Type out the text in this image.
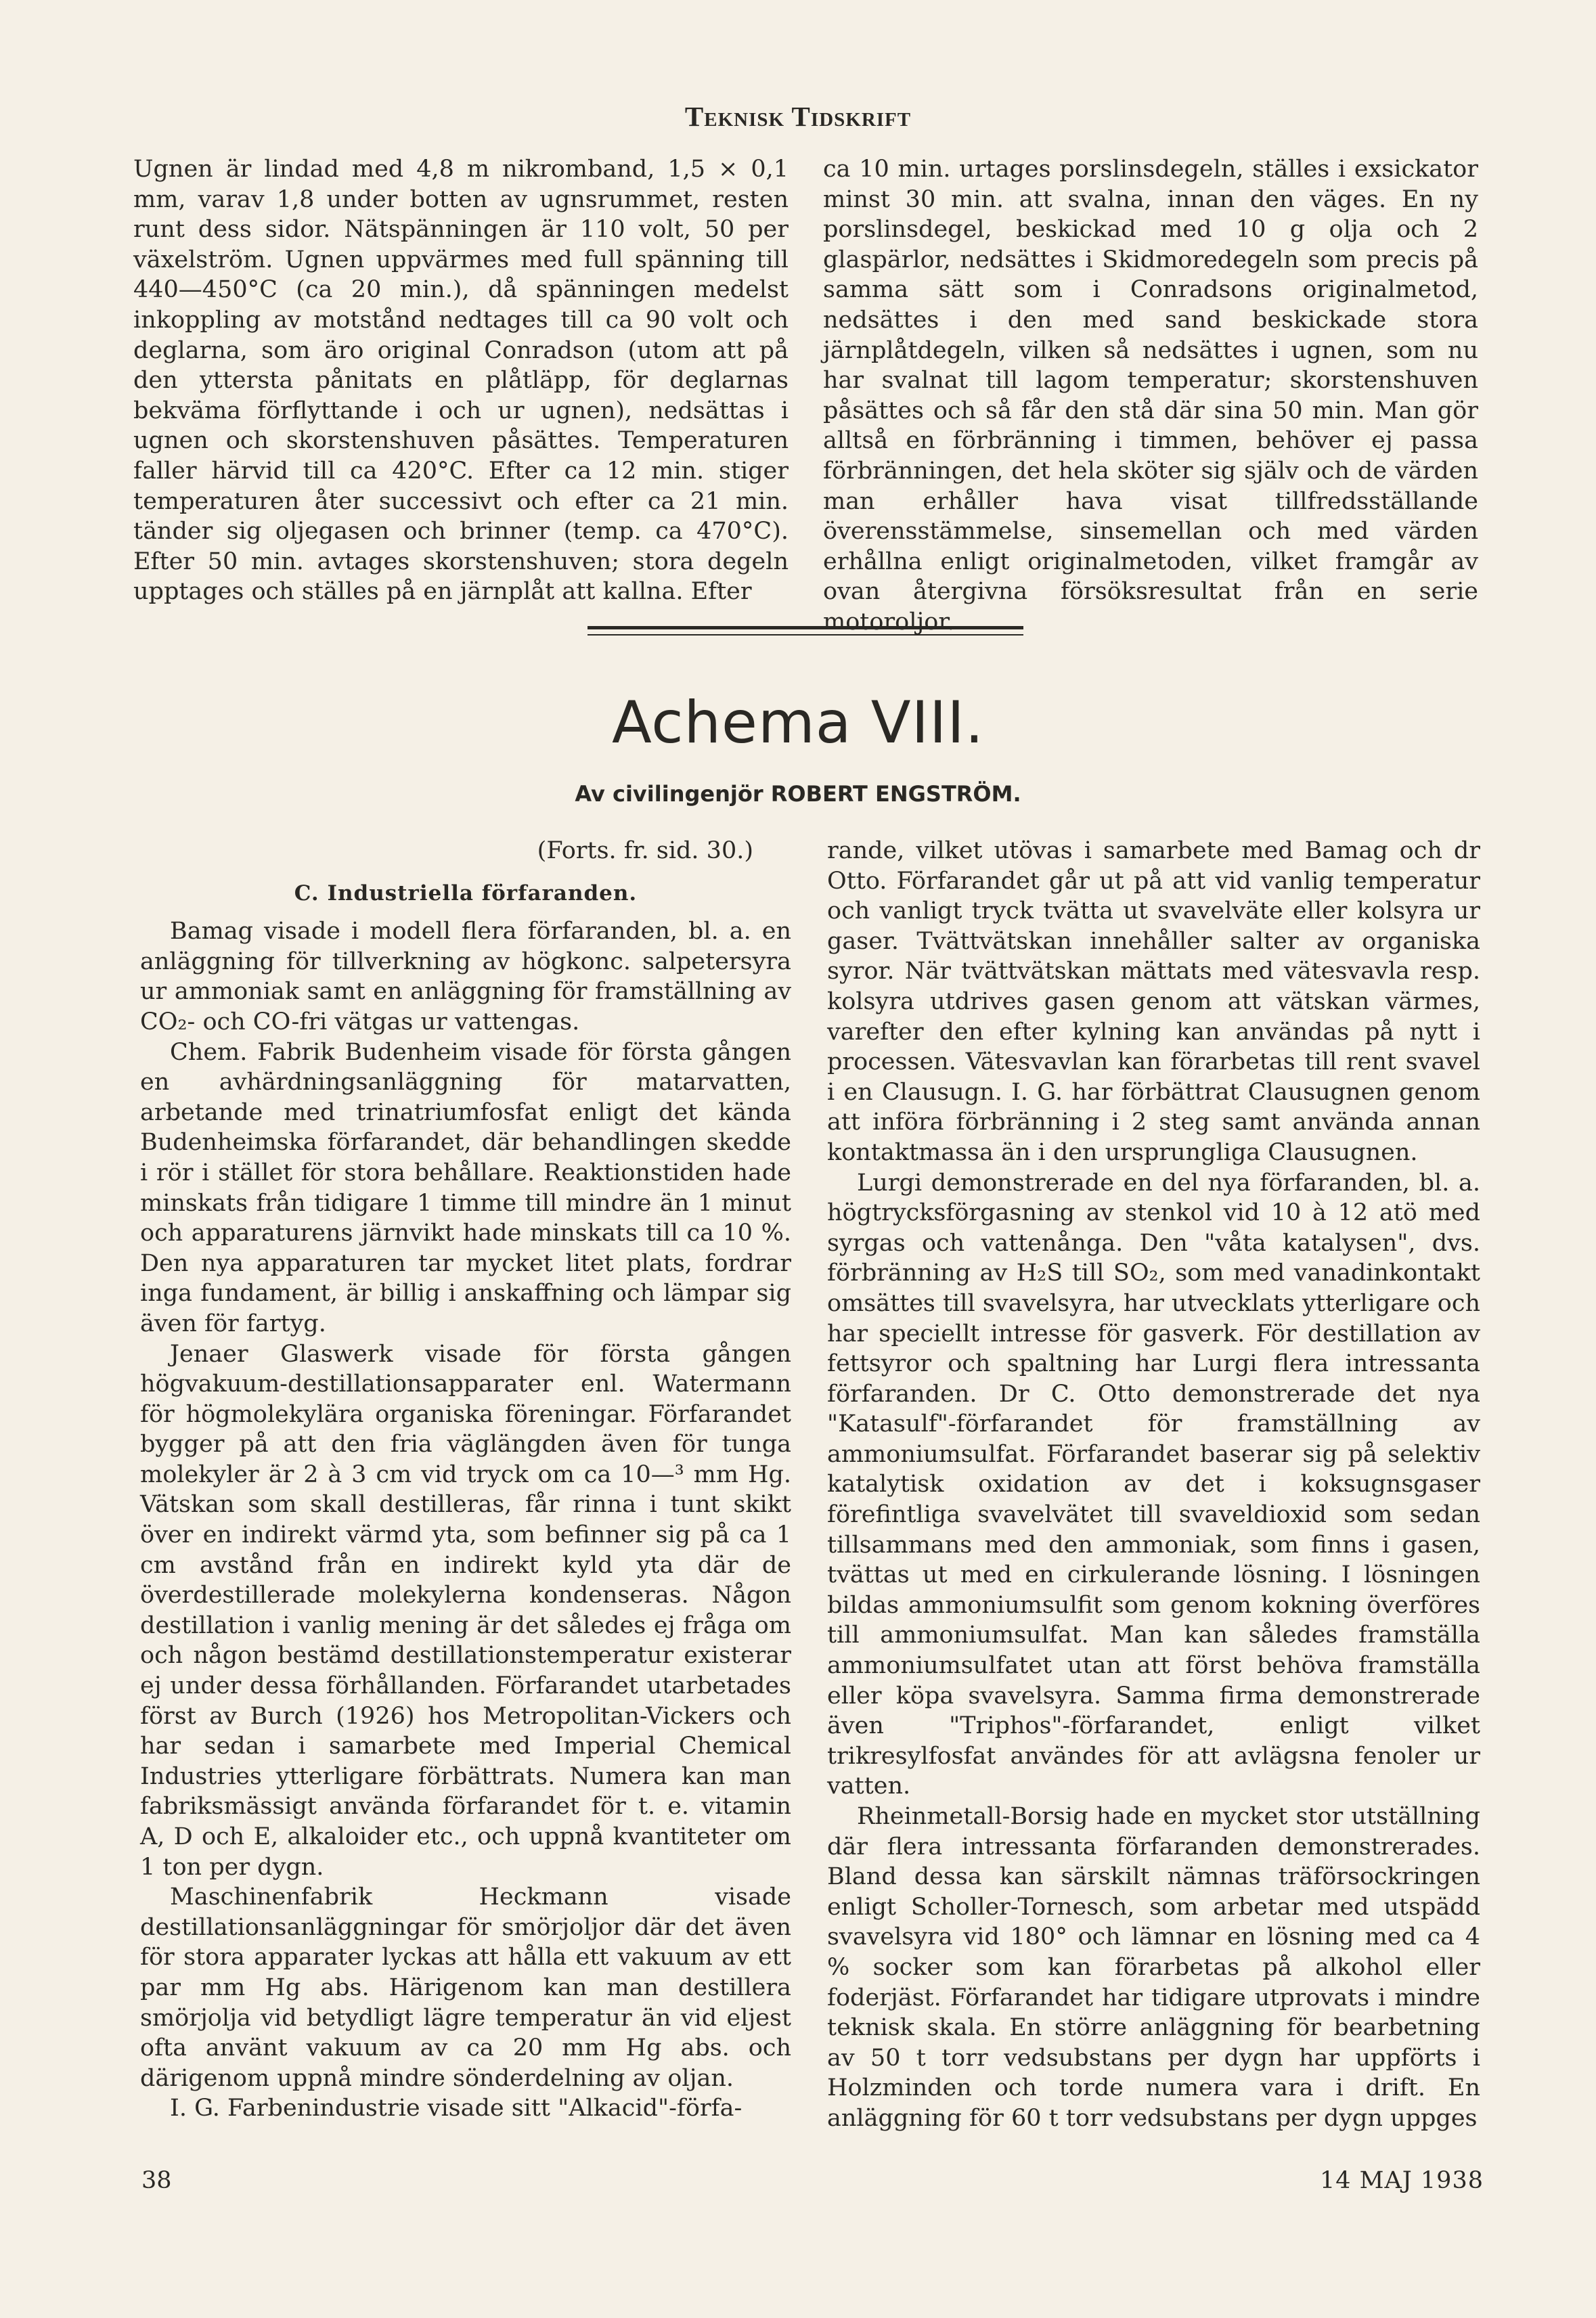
Teknisk Tidskrift

Ugnen är lindad med 4,8 m nikromband, 1,5 × 0,1 mm, varav 1,8 under botten av ugnsrummet, resten runt dess sidor. Nätspänningen är 110 volt, 50 per växelström. Ugnen uppvärmes med full spänning till 440—450°C (ca 20 min.), då spänningen medelst inkoppling av motstånd nedtages till ca 90 volt och deglarna, som äro original Conradson (utom att på den yttersta pånitats en plåtläpp, för deglarnas bekväma förflyttande i och ur ugnen), nedsättas i ugnen och skorstenshuven påsättes. Temperaturen faller härvid till ca 420°C. Efter ca 12 min. stiger temperaturen åter successivt och efter ca 21 min. tänder sig oljegasen och brinner (temp. ca 470°C). Efter 50 min. avtages skorstenshuven; stora degeln upptages och ställes på en järnplåt att kallna. Efter

ca 10 min. urtages porslinsdegeln, ställes i exsickator minst 30 min. att svalna, innan den väges. En ny porslinsdegel, beskickad med 10 g olja och 2 glaspärlor, nedsättes i Skidmoredegeln som precis på samma sätt som i Conradsons originalmetod, nedsättes i den med sand beskickade stora järnplåtdegeln, vilken så nedsättes i ugnen, som nu har svalnat till lagom temperatur; skorstenshuven påsättes och så får den stå där sina 50 min. Man gör alltså en förbränning i timmen, behöver ej passa förbränningen, det hela sköter sig själv och de värden man erhåller hava visat tillfredsställande överensstämmelse, sinsemellan och med värden erhållna enligt originalmetoden, vilket framgår av ovan återgivna försöksresultat från en serie motoroljor.

Achema VIII.
Av civilingenjör ROBERT ENGSTRÖM.
(Forts. fr. sid. 30.)
C. Industriella förfaranden.

Bamag visade i modell flera förfaranden, bl. a. en anläggning för tillverkning av högkonc. salpetersyra ur ammoniak samt en anläggning för framställning av CO₂- och CO-fri vätgas ur vattengas.

Chem. Fabrik Budenheim visade för första gången en avhärdningsanläggning för matarvatten, arbetande med trinatriumfosfat enligt det kända Budenheimska förfarandet, där behandlingen skedde i rör i stället för stora behållare. Reaktionstiden hade minskats från tidigare 1 timme till mindre än 1 minut och apparaturens järnvikt hade minskats till ca 10 %. Den nya apparaturen tar mycket litet plats, fordrar inga fundament, är billig i anskaffning och lämpar sig även för fartyg.

Jenaer Glaswerk visade för första gången högvakuum-destillationsapparater enl. Watermann för högmolekylära organiska föreningar. Förfarandet bygger på att den fria väglängden även för tunga molekyler är 2 à 3 cm vid tryck om ca 10—³ mm Hg. Vätskan som skall destilleras, får rinna i tunt skikt över en indirekt värmd yta, som befinner sig på ca 1 cm avstånd från en indirekt kyld yta där de överdestillerade molekylerna kondenseras. Någon destillation i vanlig mening är det således ej fråga om och någon bestämd destillationstemperatur existerar ej under dessa förhållanden. Förfarandet utarbetades först av Burch (1926) hos Metropolitan-Vickers och har sedan i samarbete med Imperial Chemical Industries ytterligare förbättrats. Numera kan man fabriksmässigt använda förfarandet för t. e. vitamin A, D och E, alkaloider etc., och uppnå kvantiteter om 1 ton per dygn.

Maschinenfabrik Heckmann visade destillationsanläggningar för smörjoljor där det även för stora apparater lyckas att hålla ett vakuum av ett par mm Hg abs. Härigenom kan man destillera smörjolja vid betydligt lägre temperatur än vid eljest ofta använt vakuum av ca 20 mm Hg abs. och därigenom uppnå mindre sönderdelning av oljan.

I. G. Farbenindustrie visade sitt "Alkacid"-förfa-

rande, vilket utövas i samarbete med Bamag och dr Otto. Förfarandet går ut på att vid vanlig temperatur och vanligt tryck tvätta ut svavelväte eller kolsyra ur gaser. Tvättvätskan innehåller salter av organiska syror. När tvättvätskan mättats med vätesvavla resp. kolsyra utdrives gasen genom att vätskan värmes, varefter den efter kylning kan användas på nytt i processen. Vätesvavlan kan förarbetas till rent svavel i en Clausugn. I. G. har förbättrat Clausugnen genom att införa förbränning i 2 steg samt använda annan kontaktmassa än i den ursprungliga Clausugnen.

Lurgi demonstrerade en del nya förfaranden, bl. a. högtrycksförgasning av stenkol vid 10 à 12 atö med syrgas och vattenånga. Den "våta katalysen", dvs. förbränning av H₂S till SO₂, som med vanadinkontakt omsättes till svavelsyra, har utvecklats ytterligare och har speciellt intresse för gasverk. För destillation av fettsyror och spaltning har Lurgi flera intressanta förfaranden. Dr C. Otto demonstrerade det nya "Katasulf"-förfarandet för framställning av ammoniumsulfat. Förfarandet baserar sig på selektiv katalytisk oxidation av det i koksugnsgaser förefintliga svavelvätet till svaveldioxid som sedan tillsammans med den ammoniak, som finns i gasen, tvättas ut med en cirkulerande lösning. I lösningen bildas ammoniumsulfit som genom kokning överföres till ammoniumsulfat. Man kan således framställa ammoniumsulfatet utan att först behöva framställa eller köpa svavelsyra. Samma firma demonstrerade även "Triphos"-förfarandet, enligt vilket trikresylfosfat användes för att avlägsna fenoler ur vatten.

Rheinmetall-Borsig hade en mycket stor utställning där flera intressanta förfaranden demonstrerades. Bland dessa kan särskilt nämnas träförsockringen enligt Scholler-Tornesch, som arbetar med utspädd svavelsyra vid 180° och lämnar en lösning med ca 4 % socker som kan förarbetas på alkohol eller foderjäst. Förfarandet har tidigare utprovats i mindre teknisk skala. En större anläggning för bearbetning av 50 t torr vedsubstans per dygn har uppförts i Holzminden och torde numera vara i drift. En anläggning för 60 t torr vedsubstans per dygn uppges

38	14 MAJ 1938
